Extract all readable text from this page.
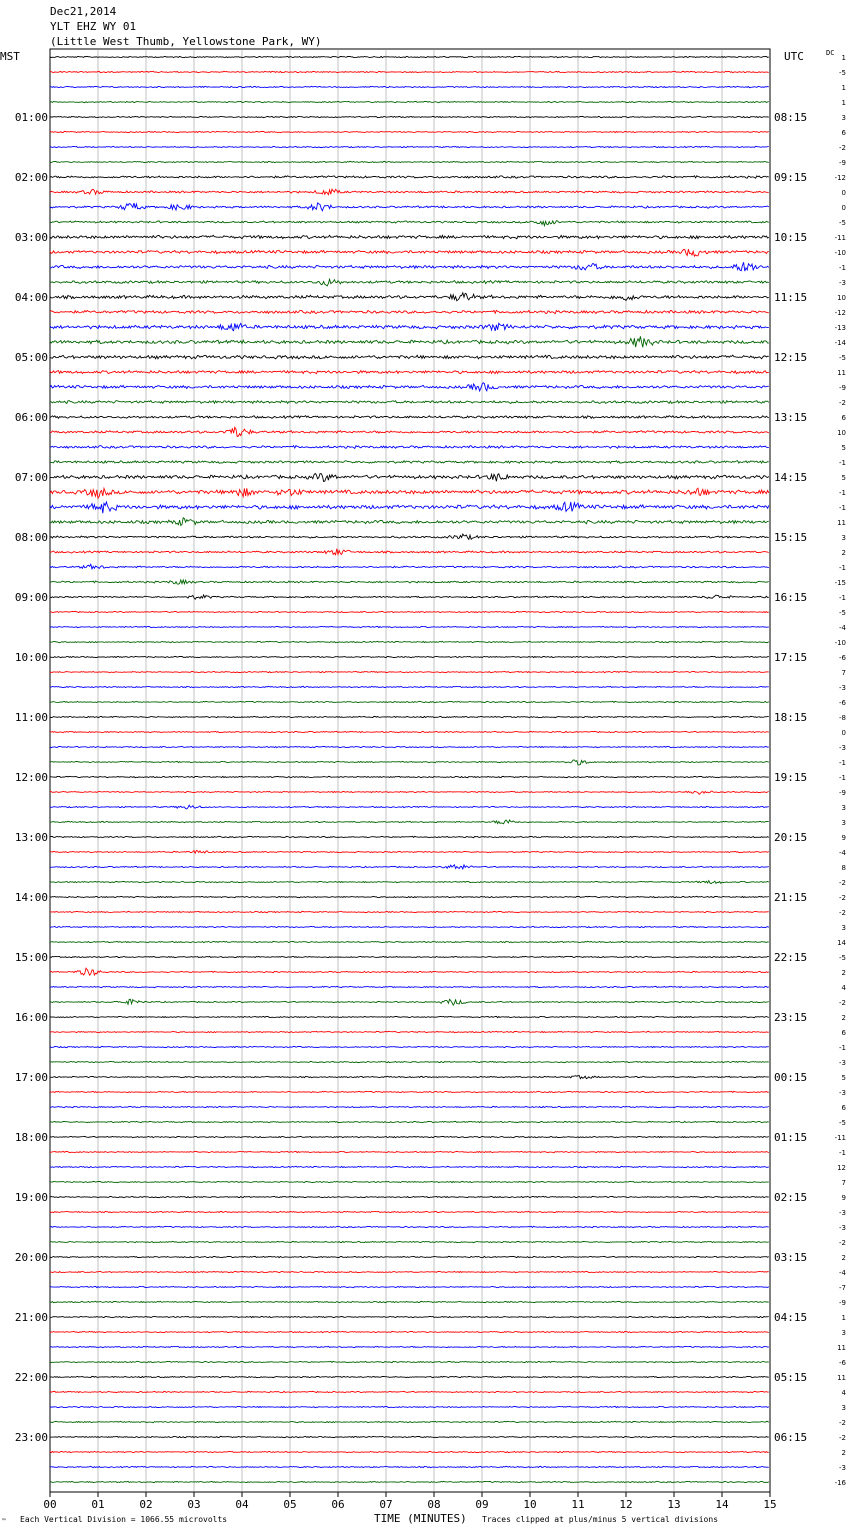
Dec21,2014
YLT EHZ WY 01
(Little West Thumb, Yellowstone Park, WY)
MST	UTC	DC
1
-5
1
1
3
6
-2
-9
-12
0
0
-5
-11
-10
-1
-3
10
-12
-13
-14
-5
11
-9
-2
6
10
5
-1
5
-1
-1
11
3
2
-1
-15
-1
-5
-4
-10
-6
7
-3
-6
-8
0
-3
-1
-1
-9
3
3
9
-4
8
-2
-2
-2
3
14
-5
2
4
-2
2
6
-1
-3
5
-3
6
-5
-11
-1
12
7
9
-3
-3
-2
2
-4
-7
-9
1
3
11
-6
11
4
3
-2
-2
2
-3
-16
01:00	08:15
02:00	09:15
03:00	10:15
04:00	11:15
05:00	12:15
06:00	13:15
07:00	14:15
08:00	15:15
09:00	16:15
10:00	17:15
11:00	18:15
12:00	19:15
13:00	20:15
14:00	21:15
15:00	22:15
16:00	23:15
17:00	00:15
18:00	01:15
19:00	02:15
20:00	03:15
21:00	04:15
22:00	05:15
23:00	06:15
00	01	02	03	04	05	06	07	08	09	10	11	12	13	14	15
™ Each Vertical Division = 1066.55 microvolts	TIME (MINUTES) Traces clipped at plus/minus 5 vertical divisions
